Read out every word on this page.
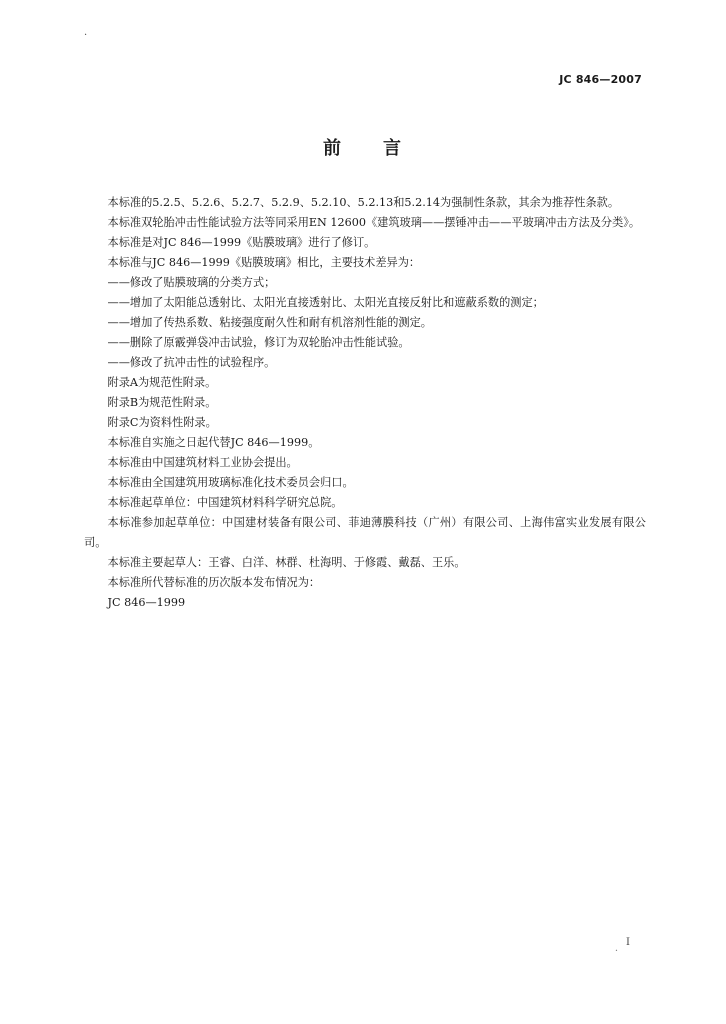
·
JC 846—2007
前 言

本标准的5.2.5、5.2.6、5.2.7、5.2.9、5.2.10、5.2.13和5.2.14为强制性条款，其余为推荐性条款。

本标准双轮胎冲击性能试验方法等同采用EN 12600《建筑玻璃——摆锤冲击——平玻璃冲击方法及分类》。

本标准是对JC 846—1999《贴膜玻璃》进行了修订。

本标准与JC 846—1999《贴膜玻璃》相比，主要技术差异为：

——修改了贴膜玻璃的分类方式；

——增加了太阳能总透射比、太阳光直接透射比、太阳光直接反射比和遮蔽系数的测定；

——增加了传热系数、粘接强度耐久性和耐有机溶剂性能的测定。

——删除了原霰弹袋冲击试验，修订为双轮胎冲击性能试验。

——修改了抗冲击性的试验程序。

附录A为规范性附录。

附录B为规范性附录。

附录C为资料性附录。

本标准自实施之日起代替JC 846—1999。

本标准由中国建筑材料工业协会提出。

本标准由全国建筑用玻璃标准化技术委员会归口。

本标准起草单位：中国建筑材料科学研究总院。

本标准参加起草单位：中国建材装备有限公司、菲迪薄膜科技（广州）有限公司、上海伟富实业发展有限公司。

本标准主要起草人：王睿、白洋、林群、杜海明、于修霞、戴磊、王乐。

本标准所代替标准的历次版本发布情况为：

JC 846—1999

.
I
